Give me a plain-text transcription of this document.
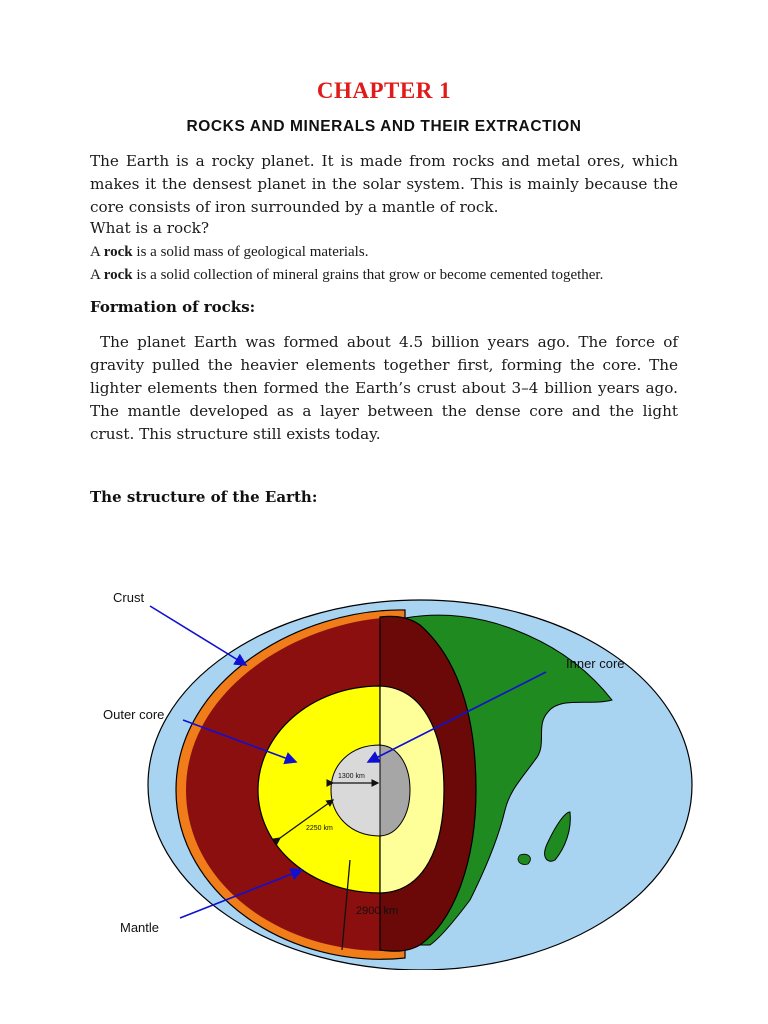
CHAPTER 1
ROCKS AND MINERALS AND THEIR EXTRACTION
The Earth is a rocky planet. It is made from rocks and metal ores, which makes it the densest planet in the solar system. This is mainly because the core consists of iron surrounded by a mantle of rock.
What is a rock?
A rock is a solid mass of geological materials.
A rock is a solid collection of mineral grains that grow or become cemented together.
Formation of rocks:
The planet Earth was formed about 4.5 billion years ago. The force of gravity pulled the heavier elements together first, forming the core. The lighter elements then formed the Earth’s crust about 3–4 billion years ago. The mantle developed as a layer between the dense core and the light crust. This structure still exists today.
The structure of the Earth:
1300 km
2250 km
2900 km
Crust
Inner core
Outer core
Mantle
